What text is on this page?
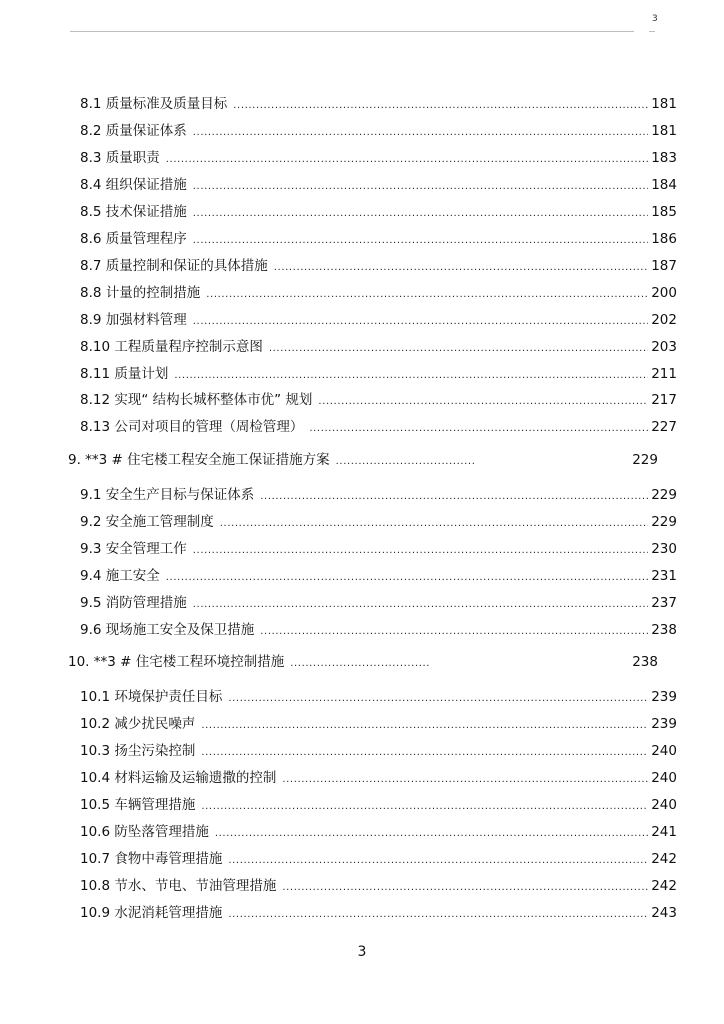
3
8.1 质量标准及质量目标 .....	181
8.2 质量保证体系 .....	181
8.3 质量职责 .....	183
8.4 组织保证措施 .....	184
8.5 技术保证措施 .....	185
8.6 质量管理程序 .....	186
8.7 质量控制和保证的具体措施 .....	187
8.8 计量的控制措施 .....	200
8.9 加强材料管理 .....	202
8.10 工程质量程序控制示意图 .....	203
8.11 质量计划 .....	211
8.12 实现“ 结构长城杯整体市优” 规划 .....	217
8.13 公司对项目的管理（周检管理） .....	227
9. **3 # 住宅楼工程安全施工保证措施方案 .....	229
9.1 安全生产目标与保证体系 .....	229
9.2 安全施工管理制度 .....	229
9.3 安全管理工作 .....	230
9.4 施工安全 .....	231
9.5 消防管理措施 .....	237
9.6 现场施工安全及保卫措施 .....	238
10. **3 # 住宅楼工程环境控制措施 .....	238
10.1 环境保护责任目标 .....	239
10.2 减少扰民噪声 .....	239
10.3 扬尘污染控制 .....	240
10.4 材料运输及运输遗撒的控制 .....	240
10.5 车辆管理措施 .....	240
10.6 防坠落管理措施 .....	241
10.7 食物中毒管理措施 .....	242
10.8 节水、节电、节油管理措施 .....	242
10.9 水泥消耗管理措施 .....	243
3
